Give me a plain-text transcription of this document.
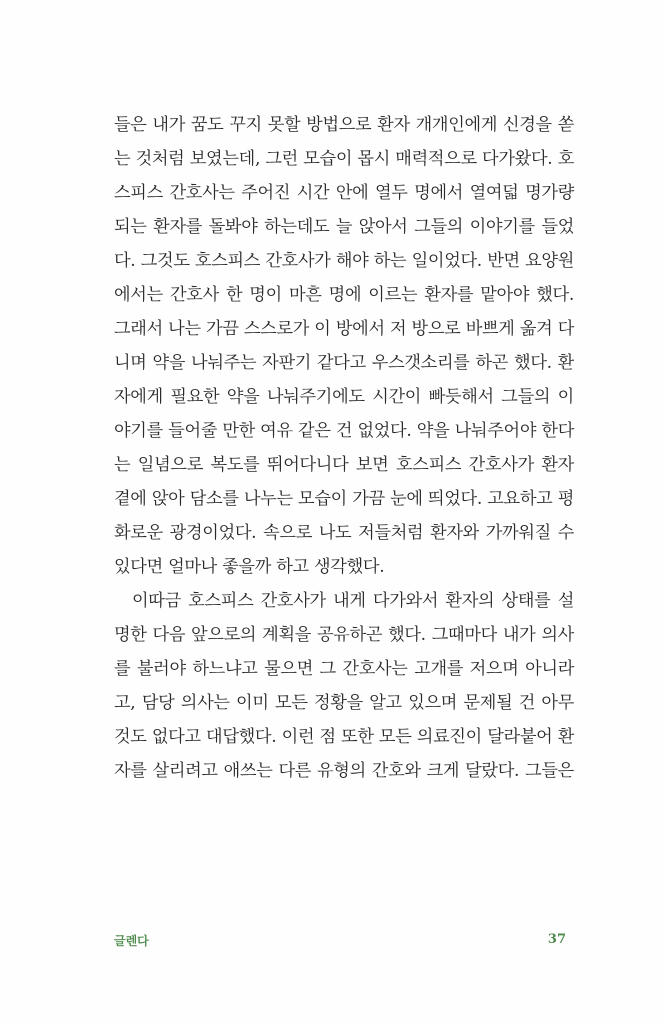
들은 내가 꿈도 꾸지 못할 방법으로 환자 개개인에게 신경을 쏟
는 것처럼 보였는데, 그런 모습이 몹시 매력적으로 다가왔다. 호
스피스 간호사는 주어진 시간 안에 열두 명에서 열여덟 명가량
되는 환자를 돌봐야 하는데도 늘 앉아서 그들의 이야기를 들었
다. 그것도 호스피스 간호사가 해야 하는 일이었다. 반면 요양원
에서는 간호사 한 명이 마흔 명에 이르는 환자를 맡아야 했다.
그래서 나는 가끔 스스로가 이 방에서 저 방으로 바쁘게 옮겨 다
니며 약을 나눠주는 자판기 같다고 우스갯소리를 하곤 했다. 환
자에게 필요한 약을 나눠주기에도 시간이 빠듯해서 그들의 이
야기를 들어줄 만한 여유 같은 건 없었다. 약을 나눠주어야 한다
는 일념으로 복도를 뛰어다니다 보면 호스피스 간호사가 환자
곁에 앉아 담소를 나누는 모습이 가끔 눈에 띄었다. 고요하고 평
화로운 광경이었다. 속으로 나도 저들처럼 환자와 가까워질 수
있다면 얼마나 좋을까 하고 생각했다.
이따금 호스피스 간호사가 내게 다가와서 환자의 상태를 설
명한 다음 앞으로의 계획을 공유하곤 했다. 그때마다 내가 의사
를 불러야 하느냐고 물으면 그 간호사는 고개를 저으며 아니라
고, 담당 의사는 이미 모든 정황을 알고 있으며 문제될 건 아무
것도 없다고 대답했다. 이런 점 또한 모든 의료진이 달라붙어 환
자를 살리려고 애쓰는 다른 유형의 간호와 크게 달랐다. 그들은
글렌다	37
